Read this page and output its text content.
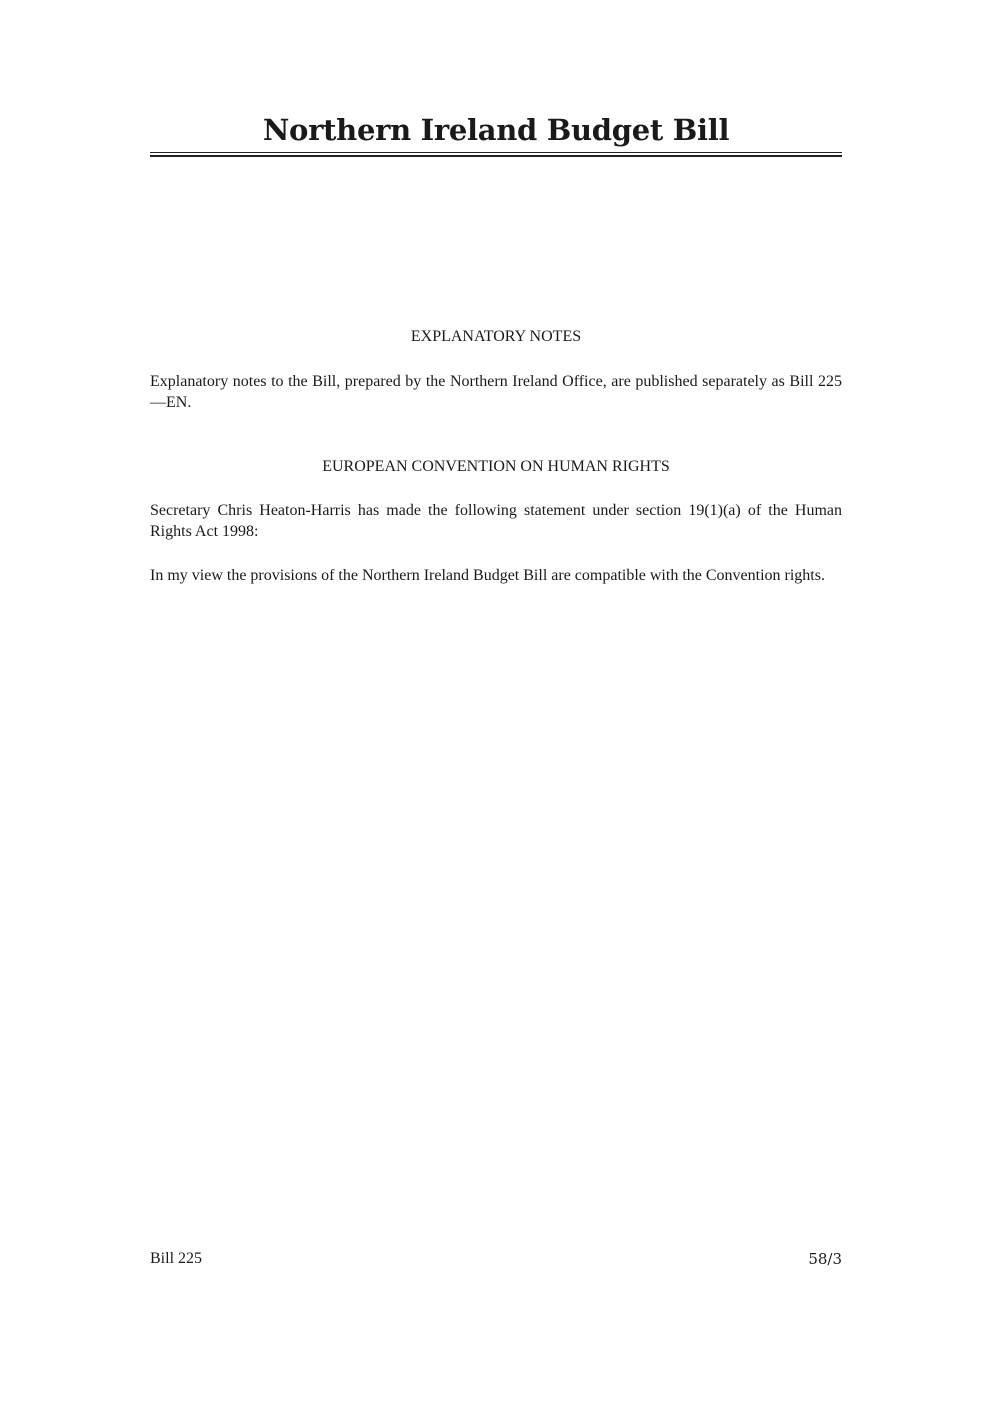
Northern Ireland Budget Bill
EXPLANATORY NOTES

Explanatory notes to the Bill, prepared by the Northern Ireland Office, are published separately as Bill 225—EN.

EUROPEAN CONVENTION ON HUMAN RIGHTS

Secretary Chris Heaton-Harris has made the following statement under section 19(1)(a) of the Human Rights Act 1998:

In my view the provisions of the Northern Ireland Budget Bill are compatible with the Convention rights.

Bill 225	58/3
